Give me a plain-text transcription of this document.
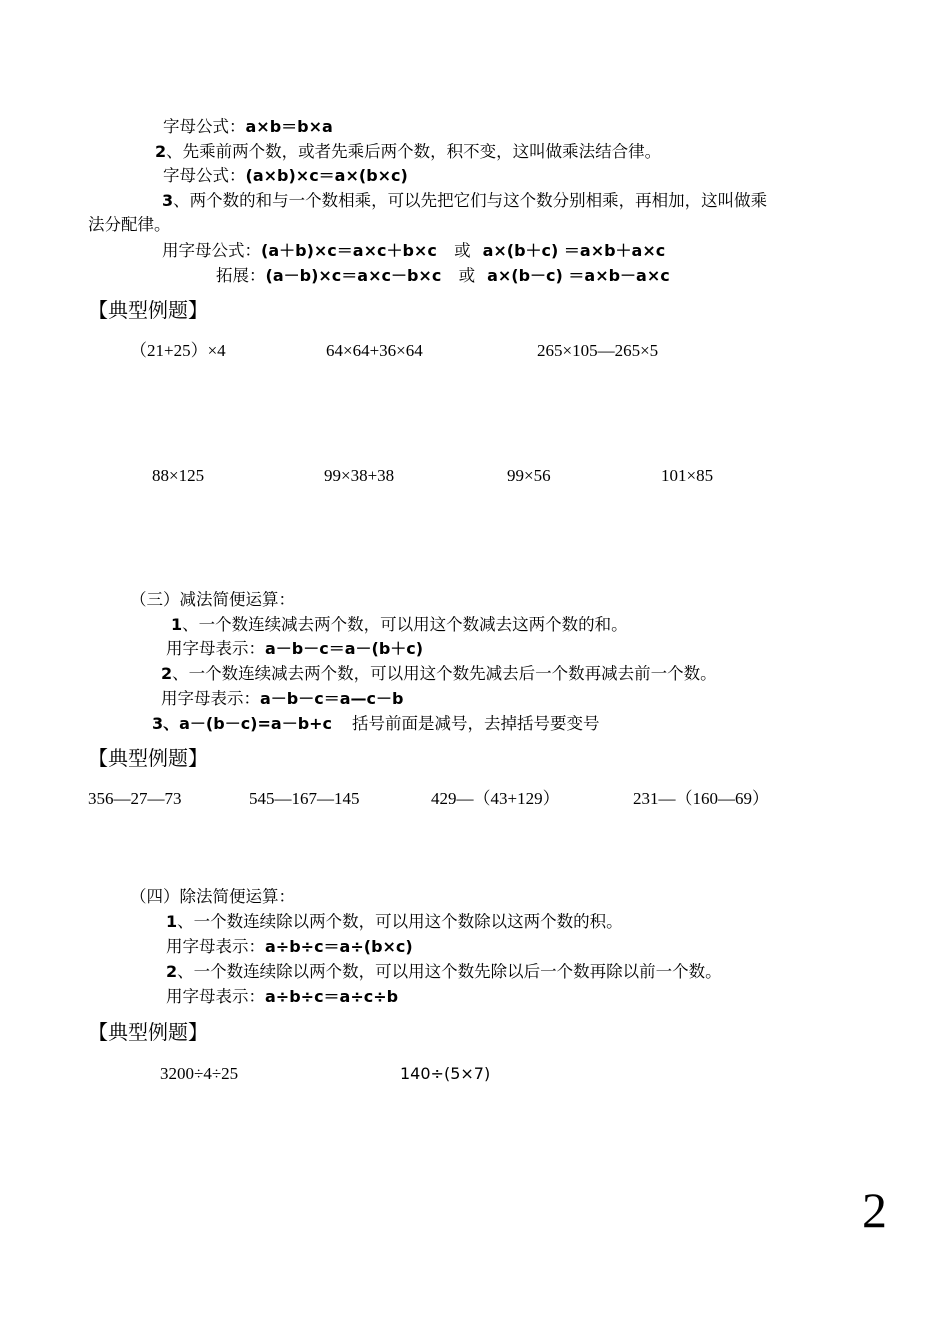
字母公式：a×b＝b×a
2、先乘前两个数，或者先乘后两个数，积不变，这叫做乘法结合律。
字母公式：(a×b)×c＝a×(b×c)
3、两个数的和与一个数相乘，可以先把它们与这个数分别相乘，再相加，这叫做乘
法分配律。
用字母公式：(a＋b)×c＝a×c＋b×c 或 a×(b＋c) ＝a×b＋a×c
拓展：(a－b)×c＝a×c－b×c 或 a×(b－c) ＝a×b－a×c
【典型例题】
（21+25）×4	64×64+36×64	265×105—265×5
88×125	99×38+38	99×56	101×85
（三）减法简便运算：
1、一个数连续减去两个数，可以用这个数减去这两个数的和。
用字母表示：a－b－c＝a－(b＋c)
2、一个数连续减去两个数，可以用这个数先减去后一个数再减去前一个数。
用字母表示：a－b－c＝a—c－b
3、a－(b－c)=a－b+c 括号前面是减号，去掉括号要变号
【典型例题】
356—27—73	545—167—145	429—（43+129）	231—（160—69）
（四）除法简便运算：
1、一个数连续除以两个数，可以用这个数除以这两个数的积。
用字母表示：a÷b÷c＝a÷(b×c)
2、一个数连续除以两个数，可以用这个数先除以后一个数再除以前一个数。
用字母表示：a÷b÷c＝a÷c÷b
【典型例题】
3200÷4÷25	140÷(5×7)
2
